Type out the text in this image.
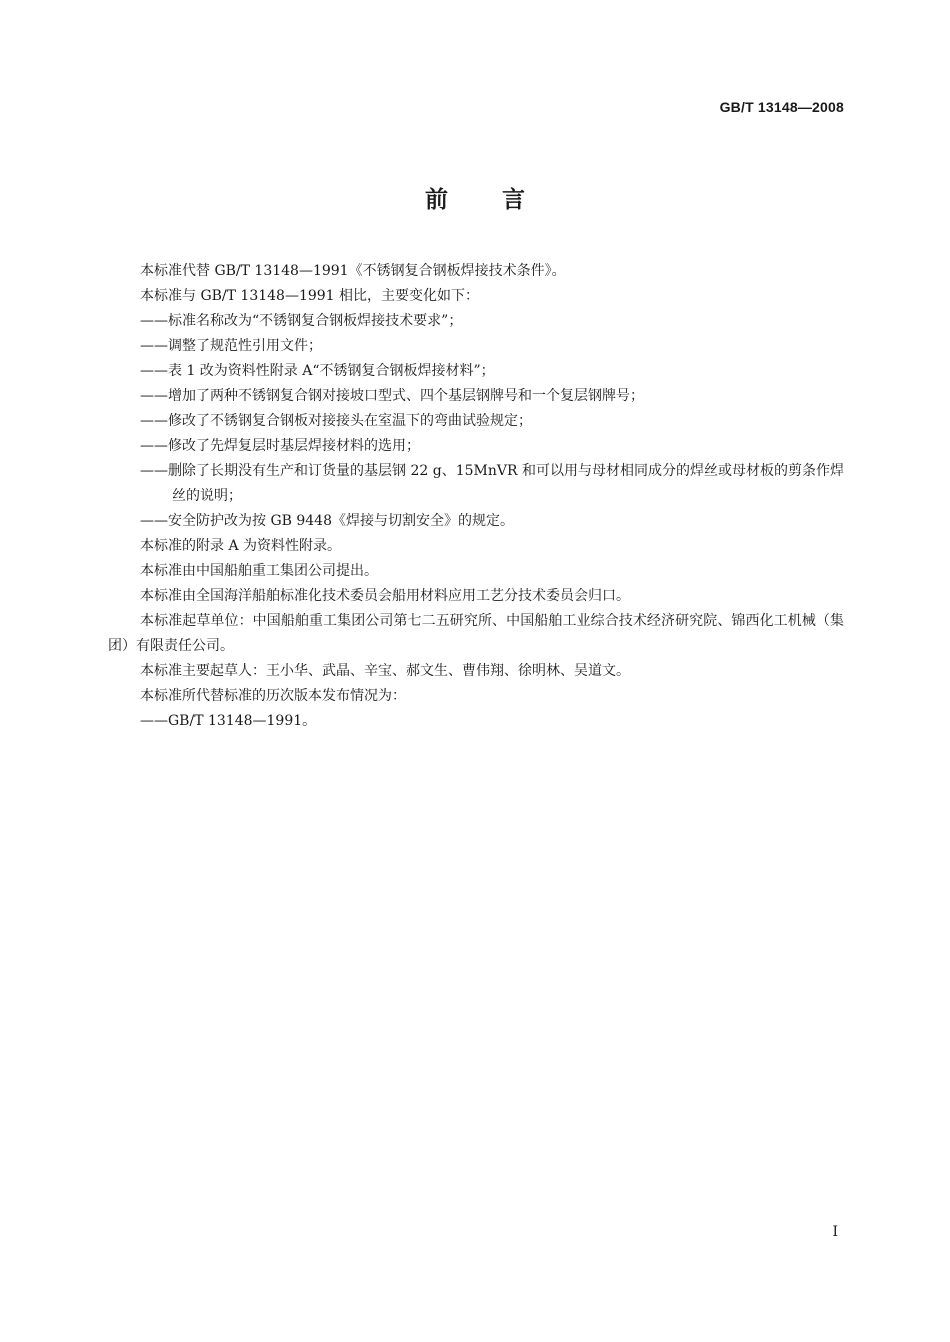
GB/T 13148—2008
前言

本标准代替 GB/T 13148—1991《不锈钢复合钢板焊接技术条件》。

本标准与 GB/T 13148—1991 相比，主要变化如下：

——标准名称改为“不锈钢复合钢板焊接技术要求”；

——调整了规范性引用文件；

——表 1 改为资料性附录 A“不锈钢复合钢板焊接材料”；

——增加了两种不锈钢复合钢对接坡口型式、四个基层钢牌号和一个复层钢牌号；

——修改了不锈钢复合钢板对接接头在室温下的弯曲试验规定；

——修改了先焊复层时基层焊接材料的选用；

——删除了长期没有生产和订货量的基层钢 22 g、15MnVR 和可以用与母材相同成分的焊丝或母材板的剪条作焊丝的说明；

——安全防护改为按 GB 9448《焊接与切割安全》的规定。

本标准的附录 A 为资料性附录。

本标准由中国船舶重工集团公司提出。

本标准由全国海洋船舶标准化技术委员会船用材料应用工艺分技术委员会归口。

本标准起草单位：中国船舶重工集团公司第七二五研究所、中国船舶工业综合技术经济研究院、锦西化工机械（集团）有限责任公司。

本标准主要起草人：王小华、武晶、辛宝、郝文生、曹伟翔、徐明林、吴道文。

本标准所代替标准的历次版本发布情况为：

——GB/T 13148—1991。

I
